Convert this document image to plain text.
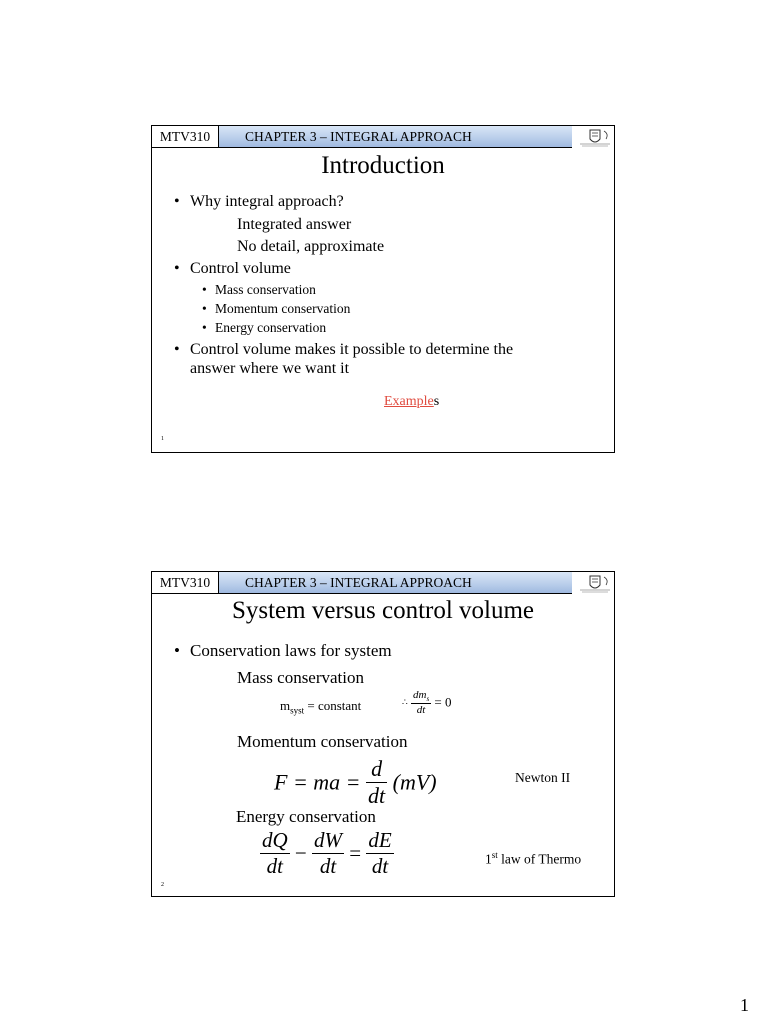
MTV310	CHAPTER 3 – INTEGRAL APPROACH
Introduction
• Why integral approach?
Integrated answer
No detail, approximate
• Control volume
• Mass conservation
• Momentum conservation
• Energy conservation
• Control volume makes it possible to determine the
answer where we want it
Examples
1
MTV310	CHAPTER 3 – INTEGRAL APPROACH
System versus control volume
• Conservation laws for system
Mass conservation
$m_{syst}$ = constant	∴ $\frac{dm_s}{dt} = 0$
Momentum conservation
F = ma = $\frac{d}{dt} (mV)$	Newton II
Energy conservation
$\frac{dQ}{dt} - \frac{dW}{dt} = \frac{dE}{dt}$	1st law of Thermo
2
1
